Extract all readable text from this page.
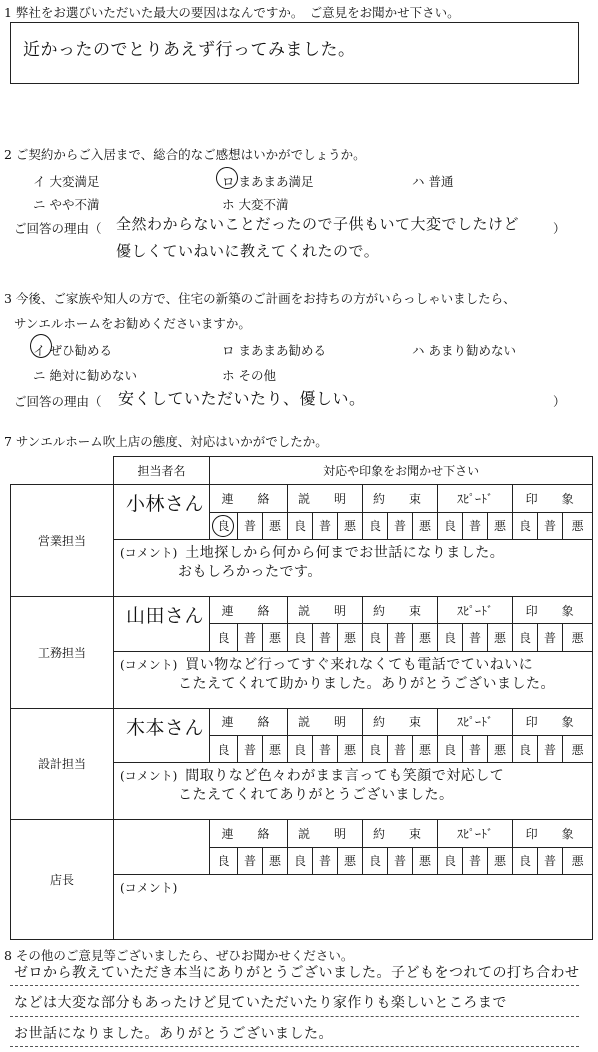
1 弊社をお選びいただいた最大の要因はなんですか。　ご意見をお聞かせ下さい。
近かったのでとりあえず行ってみました。
2 ご契約からご入居まで、総合的なご感想はいかがでしょうか。
イ 大変満足	ロ まあまあ満足	ハ 普通
ニ やや不満	ホ 大変不満
ご回答の理由（ 全然わからないことだったので子供もいて大変でしたけど
優しくていねいに教えてくれたので。
）
3 今後、ご家族や知人の方で、住宅の新築のご計画をお持ちの方がいらっしゃいましたら、
サンエルホームをお勧めくださいますか。
イ ぜひ勧める	ロ まあまあ勧める	ハ あまり勧めない
ニ 絶対に勧めない	ホ その他
ご回答の理由（ 安くしていただいたり、優しい。	）
7 サンエルホーム吹上店の態度、対応はいかがでしたか。
	担当者名	対応や印象をお聞かせ下さい														
営業担当	小林さん	連　絡			説　明			約　束			ｽﾋﾟｰﾄﾞ			印　象		
		良	普	悪	良	普	悪	良	普	悪	良	普	悪	良	普	悪
	(コメント) 土地探しから何から何までお世話になりました。
おもしろかったです。															
工務担当	山田さん	連　絡			説　明			約　束			ｽﾋﾟｰﾄﾞ			印　象		
		良	普	悪	良	普	悪	良	普	悪	良	普	悪	良	普	悪
	(コメント) 買い物など行ってすぐ来れなくても電話でていねいに
こたえてくれて助かりました。ありがとうございました。															
設計担当	木本さん	連　絡			説　明			約　束			ｽﾋﾟｰﾄﾞ			印　象		
		良	普	悪	良	普	悪	良	普	悪	良	普	悪	良	普	悪
	(コメント) 間取りなど色々わがまま言っても笑顔で対応して
こたえてくれてありがとうございました。															
店長		連　絡			説　明			約　束			ｽﾋﾟｰﾄﾞ			印　象		
		良	普	悪	良	普	悪	良	普	悪	良	普	悪	良	普	悪
	(コメント)															
8 その他のご意見等ございましたら、ぜひお聞かせください。
ゼロから教えていただき本当にありがとうございました。子どもをつれての打ち合わせ
などは大変な部分もあったけど見ていただいたり家作りも楽しいところまで
お世話になりました。ありがとうございました。
